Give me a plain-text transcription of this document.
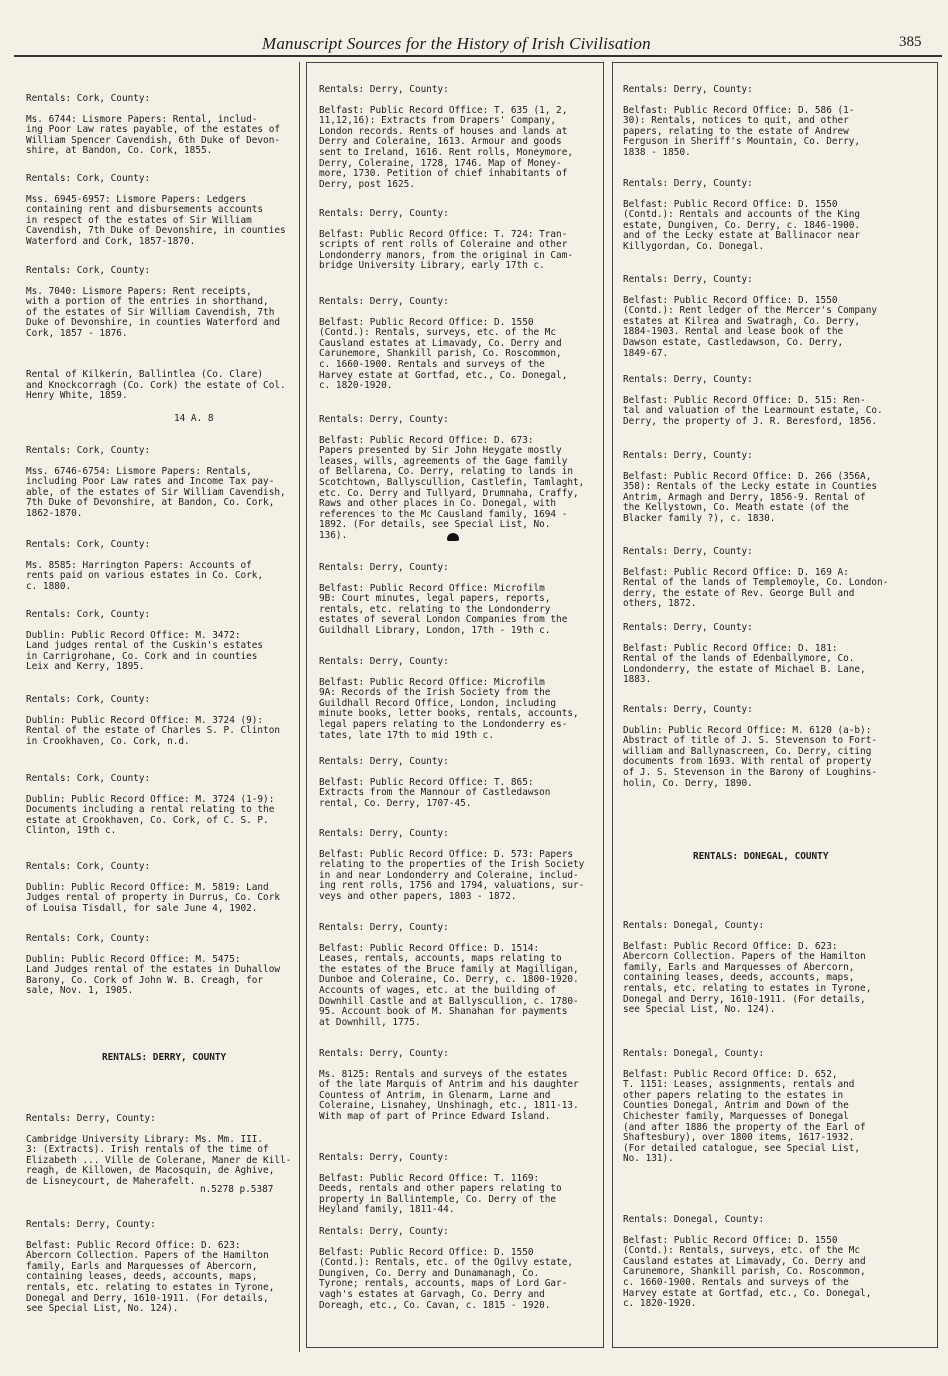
Manuscript Sources for the History of Irish Civilisation	385
Rentals: Cork, County:
Ms. 6744: Lismore Papers: Rental, includ-
ing Poor Law rates payable, of the estates of
William Spencer Cavendish, 6th Duke of Devon-
shire, at Bandon, Co. Cork, 1855.
Rentals: Cork, County:
Mss. 6945-6957: Lismore Papers: Ledgers
containing rent and disbursements accounts
in respect of the estates of Sir William
Cavendish, 7th Duke of Devonshire, in counties
Waterford and Cork, 1857-1870.
Rentals: Cork, County:
Ms. 7040: Lismore Papers: Rent receipts,
with a portion of the entries in shorthand,
of the estates of Sir William Cavendish, 7th
Duke of Devonshire, in counties Waterford and
Cork, 1857 - 1876.
Rental of Kilkerin, Ballintlea (Co. Clare)
and Knockcorragh (Co. Cork) the estate of Col.
Henry White, 1859.
14 A. 8
Rentals: Cork, County:
Mss. 6746-6754: Lismore Papers: Rentals,
including Poor Law rates and Income Tax pay-
able, of the estates of Sir William Cavendish,
7th Duke of Devonshire, at Bandon, Co. Cork,
1862-1870.
Rentals: Cork, County:
Ms. 8585: Harrington Papers: Accounts of
rents paid on various estates in Co. Cork,
c. 1880.
Rentals: Cork, County:
Dublin: Public Record Office: M. 3472:
Land judges rental of the Cuskin's estates
in Carrigrohane, Co. Cork and in counties
Leix and Kerry, 1895.
Rentals: Cork, County:
Dublin: Public Record Office: M. 3724 (9):
Rental of the estate of Charles S. P. Clinton
in Crookhaven, Co. Cork, n.d.
Rentals: Cork, County:
Dublin: Public Record Office: M. 3724 (1-9):
Documents including a rental relating to the
estate at Crookhaven, Co. Cork, of C. S. P.
Clinton, 19th c.
Rentals: Cork, County:
Dublin: Public Record Office: M. 5819: Land
Judges rental of property in Durrus, Co. Cork
of Louisa Tisdall, for sale June 4, 1902.
Rentals: Cork, County:
Dublin: Public Record Office: M. 5475:
Land Judges rental of the estates in Duhallow
Barony, Co. Cork of John W. B. Creagh, for
sale, Nov. 1, 1905.
RENTALS: DERRY, COUNTY
Rentals: Derry, County:
Cambridge University Library: Ms. Mm. III.
3: (Extracts). Irish rentals of the time of
Elizabeth ... Ville de Colerane, Maner de Kill-
reagh, de Killowen, de Macosquin, de Aghive,
de Lisneycourt, de Maherafelt.
n.5278 p.5387
Rentals: Derry, County:
Belfast: Public Record Office: D. 623:
Abercorn Collection. Papers of the Hamilton
family, Earls and Marquesses of Abercorn,
containing leases, deeds, accounts, maps,
rentals, etc. relating to estates in Tyrone,
Donegal and Derry, 1610-1911. (For details,
see Special List, No. 124).
Rentals: Derry, County:
Belfast: Public Record Office: T. 635 (1, 2,
11,12,16): Extracts from Drapers' Company,
London records. Rents of houses and lands at
Derry and Coleraine, 1613. Armour and goods
sent to Ireland, 1616. Rent rolls, Moneymore,
Derry, Coleraine, 1728, 1746. Map of Money-
more, 1730. Petition of chief inhabitants of
Derry, post 1625.
Rentals: Derry, County:
Belfast: Public Record Office: T. 724: Tran-
scripts of rent rolls of Coleraine and other
Londonderry manors, from the original in Cam-
bridge University Library, early 17th c.
Rentals: Derry, County:
Belfast: Public Record Office: D. 1550
(Contd.): Rentals, surveys, etc. of the Mc
Causland estates at Limavady, Co. Derry and
Carunemore, Shankill parish, Co. Roscommon,
c. 1660-1900. Rentals and surveys of the
Harvey estate at Gortfad, etc., Co. Donegal,
c. 1820-1920.
Rentals: Derry, County:
Belfast: Public Record Office: D. 673:
Papers presented by Sir John Heygate mostly
leases, wills, agreements of the Gage family
of Bellarena, Co. Derry, relating to lands in
Scotchtown, Ballyscullion, Castlefin, Tamlaght,
etc. Co. Derry and Tullyard, Drumnaha, Craffy,
Raws and other places in Co. Donegal, with
references to the Mc Causland family, 1694 -
1892. (For details, see Special List, No.
136).
Rentals: Derry, County:
Belfast: Public Record Office: Microfilm
9B: Court minutes, legal papers, reports,
rentals, etc. relating to the Londonderry
estates of several London Companies from the
Guildhall Library, London, 17th - 19th c.
Rentals: Derry, County:
Belfast: Public Record Office: Microfilm
9A: Records of the Irish Society from the
Guildhall Record Office, London, including
minute books, letter books, rentals, accounts,
legal papers relating to the Londonderry es-
tates, late 17th to mid 19th c.
Rentals: Derry, County:
Belfast: Public Record Office: T. 865:
Extracts from the Mannour of Castledawson
rental, Co. Derry, 1707-45.
Rentals: Derry, County:
Belfast: Public Record Office: D. 573: Papers
relating to the properties of the Irish Society
in and near Londonderry and Coleraine, includ-
ing rent rolls, 1756 and 1794, valuations, sur-
veys and other papers, 1803 - 1872.
Rentals: Derry, County:
Belfast: Public Record Office: D. 1514:
Leases, rentals, accounts, maps relating to
the estates of the Bruce family at Magilligan,
Dunboe and Coleraine, Co. Derry, c. 1800-1920.
Accounts of wages, etc. at the building of
Downhill Castle and at Ballyscullion, c. 1780-
95. Account book of M. Shanahan for payments
at Downhill, 1775.
Rentals: Derry, County:
Ms. 8125: Rentals and surveys of the estates
of the late Marquis of Antrim and his daughter
Countess of Antrim, in Glenarm, Larne and
Coleraine, Lisnahey, Unshinagh, etc., 1811-13.
With map of part of Prince Edward Island.
Rentals: Derry, County:
Belfast: Public Record Office: T. 1169:
Deeds, rentals and other papers relating to
property in Ballintemple, Co. Derry of the
Heyland family, 1811-44.
Rentals: Derry, County:
Belfast: Public Record Office: D. 1550
(Contd.): Rentals, etc. of the Ogilvy estate,
Dungiven, Co. Derry and Dunamanagh, Co.
Tyrone; rentals, accounts, maps of Lord Gar-
vagh's estates at Garvagh, Co. Derry and
Doreagh, etc., Co. Cavan, c. 1815 - 1920.
Rentals: Derry, County:
Belfast: Public Record Office: D. 586 (1-
30): Rentals, notices to quit, and other
papers, relating to the estate of Andrew
Ferguson in Sheriff's Mountain, Co. Derry,
1838 - 1850.
Rentals: Derry, County:
Belfast: Public Record Office: D. 1550
(Contd.): Rentals and accounts of the King
estate, Dungiven, Co. Derry, c. 1846-1900.
and of the Lecky estate at Ballinacor near
Killygordan, Co. Donegal.
Rentals: Derry, County:
Belfast: Public Record Office: D. 1550
(Contd.): Rent ledger of the Mercer's Company
estates at Kilrea and Swatragh, Co. Derry,
1884-1903. Rental and lease book of the
Dawson estate, Castledawson, Co. Derry,
1849-67.
Rentals: Derry, County:
Belfast: Public Record Office: D. 515: Ren-
tal and valuation of the Learmount estate, Co.
Derry, the property of J. R. Beresford, 1856.
Rentals: Derry, County:
Belfast: Public Record Office: D. 266 (356A,
358): Rentals of the Lecky estate in Counties
Antrim, Armagh and Derry, 1856-9. Rental of
the Kellystown, Co. Meath estate (of the
Blacker family ?), c. 1830.
Rentals: Derry, County:
Belfast: Public Record Office: D. 169 A:
Rental of the lands of Templemoyle, Co. London-
derry, the estate of Rev. George Bull and
others, 1872.
Rentals: Derry, County:
Belfast: Public Record Office: D. 181:
Rental of the lands of Edenballymore, Co.
Londonderry, the estate of Michael B. Lane,
1883.
Rentals: Derry, County:
Dublin: Public Record Office: M. 6120 (a-b):
Abstract of title of J. S. Stevenson to Fort-
william and Ballynascreen, Co. Derry, citing
documents from 1693. With rental of property
of J. S. Stevenson in the Barony of Loughins-
holin, Co. Derry, 1890.
RENTALS: DONEGAL, COUNTY
Rentals: Donegal, County:
Belfast: Public Record Office: D. 623:
Abercorn Collection. Papers of the Hamilton
family, Earls and Marquesses of Abercorn,
containing leases, deeds, accounts, maps,
rentals, etc. relating to estates in Tyrone,
Donegal and Derry, 1610-1911. (For details,
see Special List, No. 124).
Rentals: Donegal, County:
Belfast: Public Record Office: D. 652,
T. 1151: Leases, assignments, rentals and
other papers relating to the estates in
Counties Donegal, Antrim and Down of the
Chichester family, Marquesses of Donegal
(and after 1886 the property of the Earl of
Shaftesbury), over 1800 items, 1617-1932.
(For detailed catalogue, see Special List,
No. 131).
Rentals: Donegal, County:
Belfast: Public Record Office: D. 1550
(Contd.): Rentals, surveys, etc. of the Mc
Causland estates at Limavady, Co. Derry and
Carunemore, Shankill parish, Co. Roscommon,
c. 1660-1900. Rentals and surveys of the
Harvey estate at Gortfad, etc., Co. Donegal,
c. 1820-1920.
